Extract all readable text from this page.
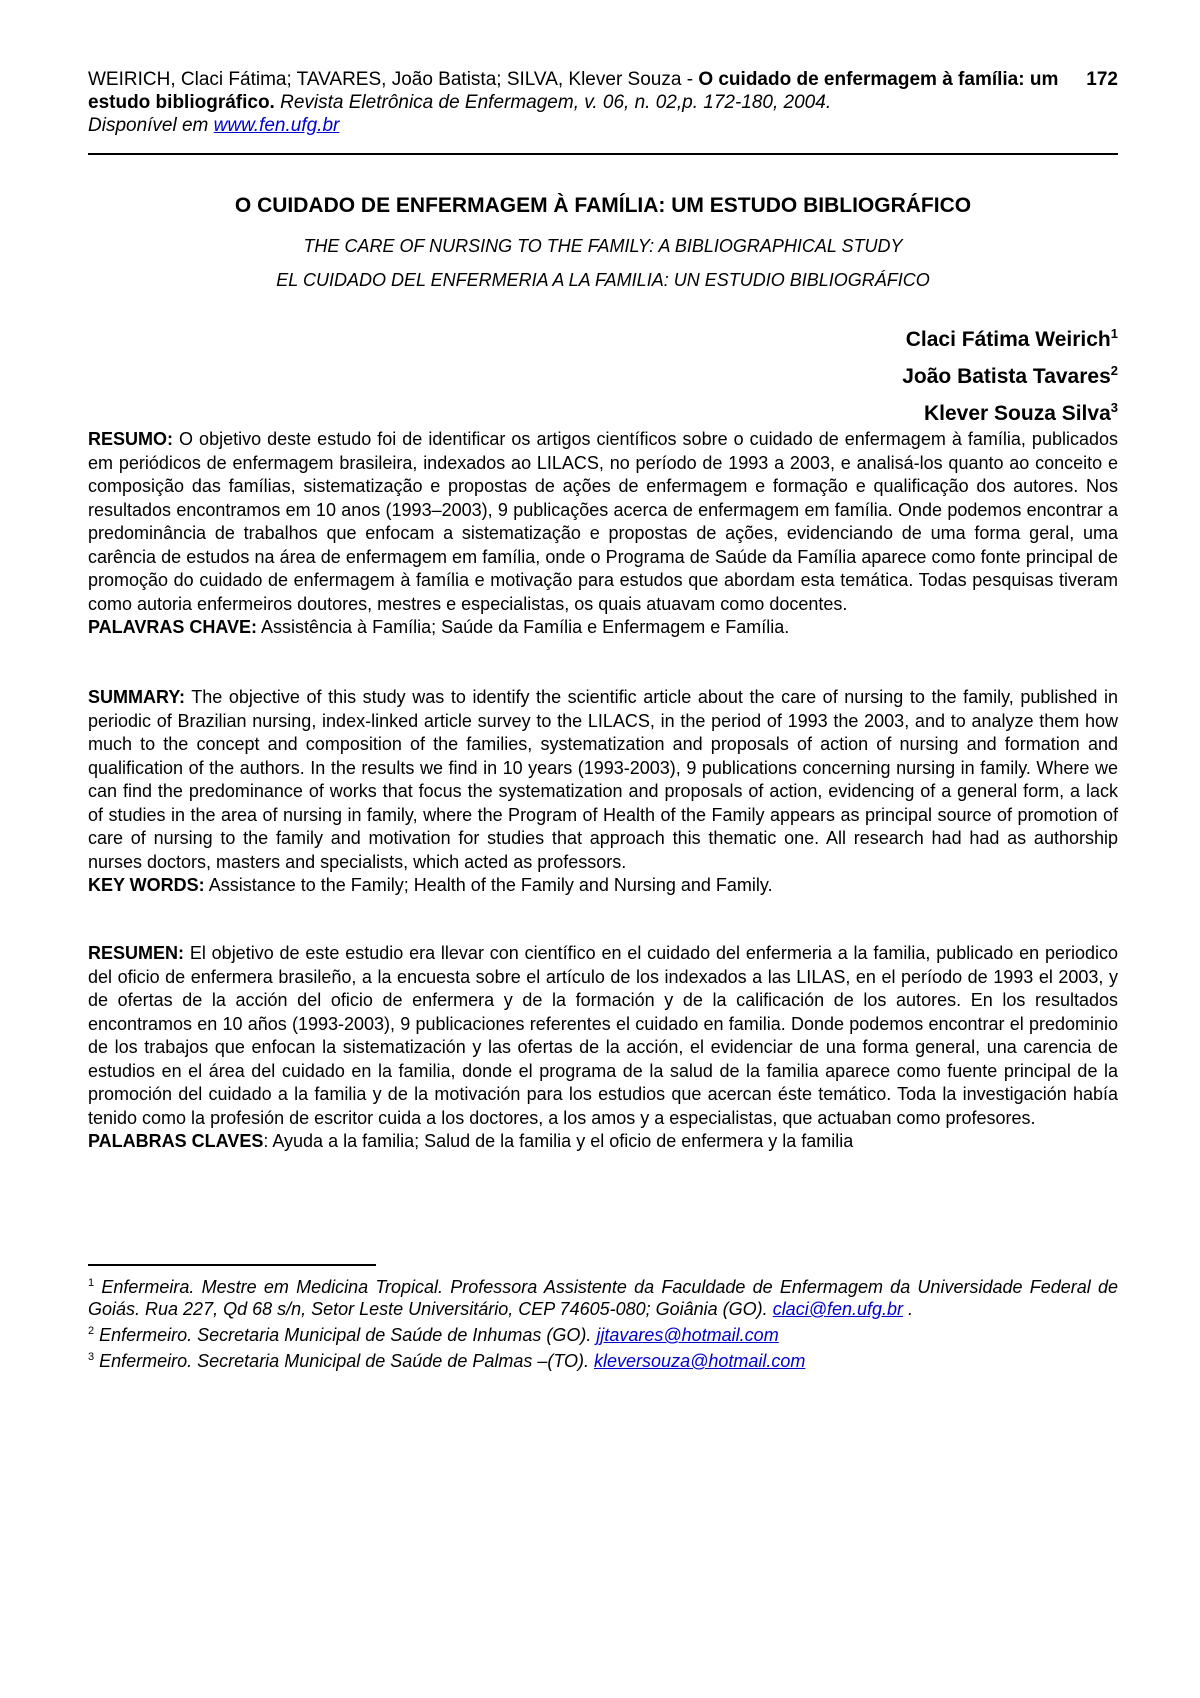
172
WEIRICH, Claci Fátima; TAVARES, João Batista; SILVA, Klever Souza - O cuidado de enfermagem à família: um estudo bibliográfico. Revista Eletrônica de Enfermagem, v. 06, n. 02,p. 172-180, 2004.
Disponível em www.fen.ufg.br
O CUIDADO DE ENFERMAGEM À FAMÍLIA: UM ESTUDO BIBLIOGRÁFICO
THE CARE OF NURSING TO THE FAMILY: A BIBLIOGRAPHICAL STUDY
EL CUIDADO DEL ENFERMERIA A LA FAMILIA: UN ESTUDIO BIBLIOGRÁFICO
Claci Fátima Weirich$^1$
João Batista Tavares$^2$
Klever Souza Silva$^3$
RESUMO: O objetivo deste estudo foi de identificar os artigos científicos sobre o cuidado de enfermagem à família, publicados em periódicos de enfermagem brasileira, indexados ao LILACS, no período de 1993 a 2003, e analisá-los quanto ao conceito e composição das famílias, sistematização e propostas de ações de enfermagem e formação e qualificação dos autores. Nos resultados encontramos em 10 anos (1993–2003), 9 publicações acerca de enfermagem em família. Onde podemos encontrar a predominância de trabalhos que enfocam a sistematização e propostas de ações, evidenciando de uma forma geral, uma carência de estudos na área de enfermagem em família, onde o Programa de Saúde da Família aparece como fonte principal de promoção do cuidado de enfermagem à família e motivação para estudos que abordam esta temática. Todas pesquisas tiveram como autoria enfermeiros doutores, mestres e especialistas, os quais atuavam como docentes.
PALAVRAS CHAVE: Assistência à Família; Saúde da Família e Enfermagem e Família.
SUMMARY: The objective of this study was to identify the scientific article about the care of nursing to the family, published in periodic of Brazilian nursing, index-linked article survey to the LILACS, in the period of 1993 the 2003, and to analyze them how much to the concept and composition of the families, systematization and proposals of action of nursing and formation and qualification of the authors. In the results we find in 10 years (1993-2003), 9 publications concerning nursing in family. Where we can find the predominance of works that focus the systematization and proposals of action, evidencing of a general form, a lack of studies in the area of nursing in family, where the Program of Health of the Family appears as principal source of promotion of care of nursing to the family and motivation for studies that approach this thematic one. All research had had as authorship nurses doctors, masters and specialists, which acted as professors.
KEY WORDS: Assistance to the Family; Health of the Family and Nursing and Family.
RESUMEN: El objetivo de este estudio era llevar con científico en el cuidado del enfermeria a la familia, publicado en periodico del oficio de enfermera brasileño, a la encuesta sobre el artículo de los indexados a las LILAS, en el período de 1993 el 2003, y de ofertas de la acción del oficio de enfermera y de la formación y de la calificación de los autores. En los resultados encontramos en 10 años (1993-2003), 9 publicaciones referentes el cuidado en familia. Donde podemos encontrar el predominio de los trabajos que enfocan la sistematización y las ofertas de la acción, el evidenciar de una forma general, una carencia de estudios en el área del cuidado en la familia, donde el programa de la salud de la familia aparece como fuente principal de la promoción del cuidado a la familia y de la motivación para los estudios que acercan éste temático. Toda la investigación había tenido como la profesión de escritor cuida a los doctores, a los amos y a especialistas, que actuaban como profesores.
PALABRAS CLAVES: Ayuda a la familia; Salud de la familia y el oficio de enfermera y la familia

$^1$ Enfermeira. Mestre em Medicina Tropical. Professora Assistente da Faculdade de Enfermagem da Universidade Federal de Goiás. Rua 227, Qd 68 s/n, Setor Leste Universitário, CEP 74605-080; Goiânia (GO). claci@fen.ufg.br .

$^2$ Enfermeiro. Secretaria Municipal de Saúde de Inhumas (GO). jjtavares@hotmail.com

$^3$ Enfermeiro. Secretaria Municipal de Saúde de Palmas –(TO). kleversouza@hotmail.com
